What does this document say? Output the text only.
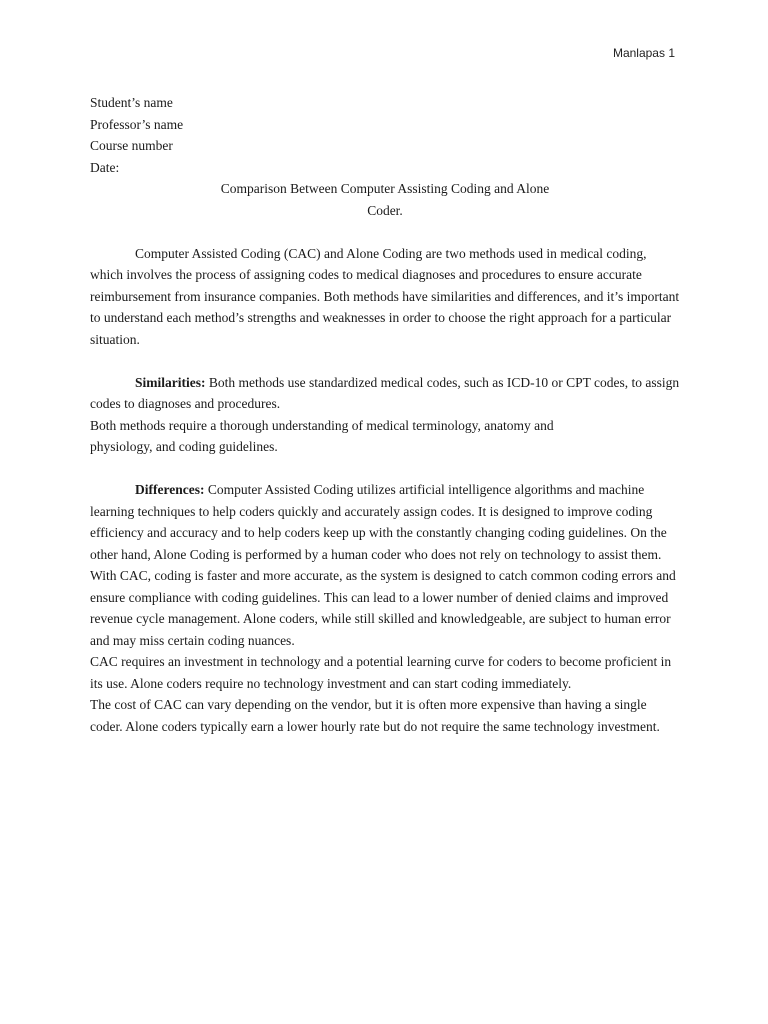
Manlapas 1
Student’s name
Professor’s name
Course number
Date:

Comparison Between Computer Assisting Coding and Alone

Coder.

Computer Assisted Coding (CAC) and Alone Coding are two methods used in medical coding, which involves the process of assigning codes to medical diagnoses and procedures to ensure accurate reimbursement from insurance companies. Both methods have similarities and differences, and it’s important to understand each method’s strengths and weaknesses in order to choose the right approach for a particular situation.

Similarities: Both methods use standardized medical codes, such as ICD-10 or CPT codes, to assign codes to diagnoses and procedures.

Both methods require a thorough understanding of medical terminology, anatomy and
physiology, and coding guidelines.

Differences: Computer Assisted Coding utilizes artificial intelligence algorithms and machine learning techniques to help coders quickly and accurately assign codes. It is designed to improve coding efficiency and accuracy and to help coders keep up with the constantly changing coding guidelines. On the other hand, Alone Coding is performed by a human coder who does not rely on technology to assist them.

With CAC, coding is faster and more accurate, as the system is designed to catch common coding errors and ensure compliance with coding guidelines. This can lead to a lower number of denied claims and improved revenue cycle management. Alone coders, while still skilled and knowledgeable, are subject to human error and may miss certain coding nuances.

CAC requires an investment in technology and a potential learning curve for coders to become proficient in its use. Alone coders require no technology investment and can start coding immediately.

The cost of CAC can vary depending on the vendor, but it is often more expensive than having a single coder. Alone coders typically earn a lower hourly rate but do not require the same technology investment.
